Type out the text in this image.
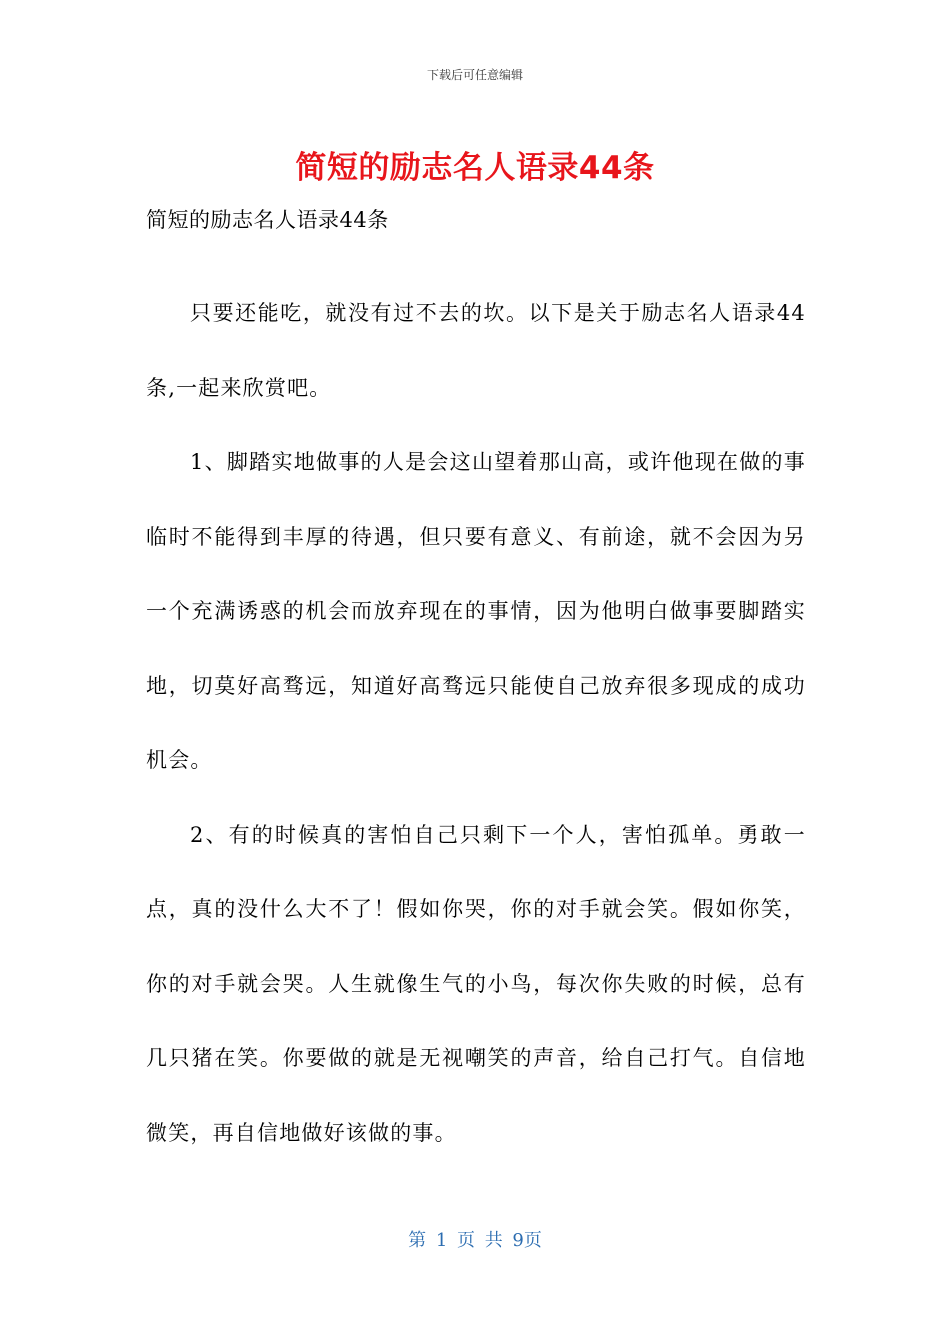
下载后可任意编辑
简短的励志名人语录44条
简短的励志名人语录44条

只要还能吃，就没有过不去的坎。以下是关于励志名人语录44条,一起来欣赏吧。

1、脚踏实地做事的人是会这山望着那山高，或许他现在做的事临时不能得到丰厚的待遇，但只要有意义、有前途，就不会因为另一个充满诱惑的机会而放弃现在的事情，因为他明白做事要脚踏实地，切莫好高骛远，知道好高骛远只能使自己放弃很多现成的成功机会。

2、有的时候真的害怕自己只剩下一个人，害怕孤单。勇敢一点，真的没什么大不了！假如你哭，你的对手就会笑。假如你笑，你的对手就会哭。人生就像生气的小鸟，每次你失败的时候，总有几只猪在笑。你要做的就是无视嘲笑的声音，给自己打气。自信地微笑，再自信地做好该做的事。

第 1 页 共 9页
